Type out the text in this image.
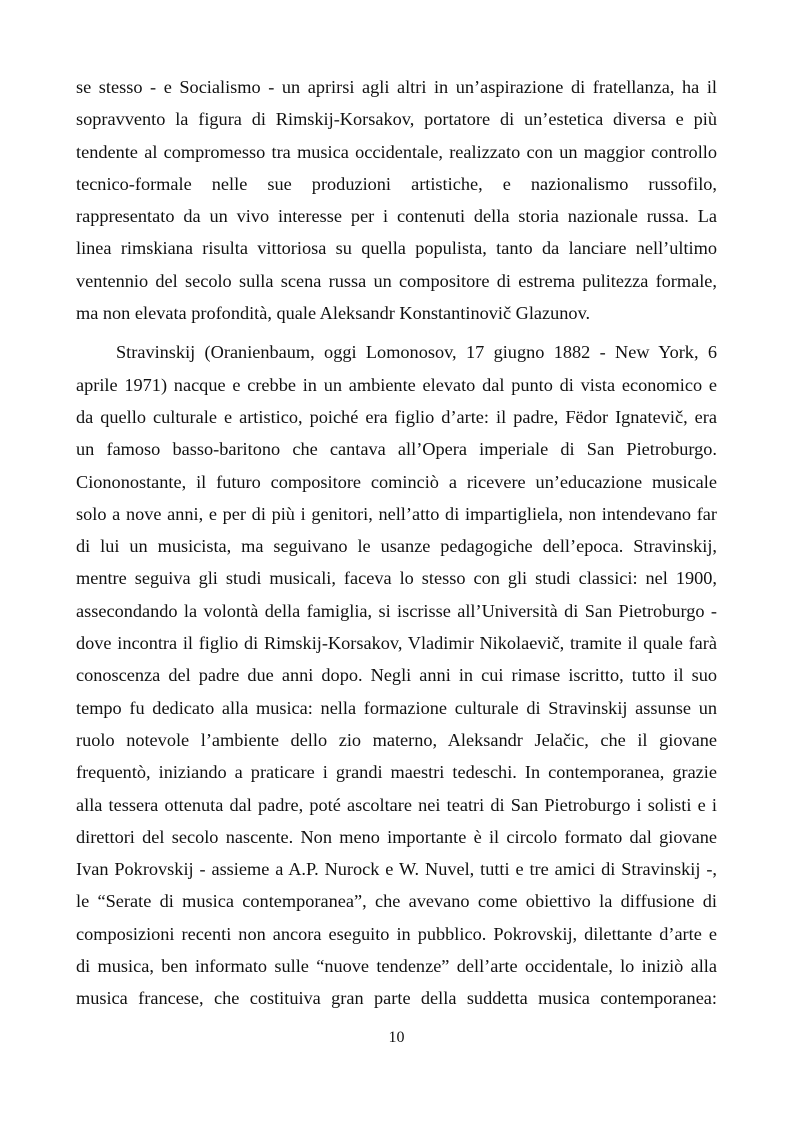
se stesso - e Socialismo - un aprirsi agli altri in un’aspirazione di fratellanza, ha il
sopravvento la figura di Rimskij-Korsakov, portatore di un’estetica diversa e più
tendente al compromesso tra musica occidentale, realizzato con un maggior controllo
tecnico-formale nelle sue produzioni artistiche, e nazionalismo russofilo,
rappresentato da un vivo interesse per i contenuti della storia nazionale russa. La
linea rimskiana risulta vittoriosa su quella populista, tanto da lanciare nell’ultimo
ventennio del secolo sulla scena russa un compositore di estrema pulitezza formale,
ma non elevata profondità, quale Aleksandr Konstantinovič Glazunov.
Stravinskij (Oranienbaum, oggi Lomonosov, 17 giugno 1882 - New York, 6
aprile 1971) nacque e crebbe in un ambiente elevato dal punto di vista economico e
da quello culturale e artistico, poiché era figlio d’arte: il padre, Fëdor Ignatevič, era
un famoso basso-baritono che cantava all’Opera imperiale di San Pietroburgo.
Ciononostante, il futuro compositore cominciò a ricevere un’educazione musicale
solo a nove anni, e per di più i genitori, nell’atto di impartigliela, non intendevano far
di lui un musicista, ma seguivano le usanze pedagogiche dell’epoca. Stravinskij,
mentre seguiva gli studi musicali, faceva lo stesso con gli studi classici: nel 1900,
assecondando la volontà della famiglia, si iscrisse all’Università di San Pietroburgo -
dove incontra il figlio di Rimskij-Korsakov, Vladimir Nikolaevič, tramite il quale farà
conoscenza del padre due anni dopo. Negli anni in cui rimase iscritto, tutto il suo
tempo fu dedicato alla musica: nella formazione culturale di Stravinskij assunse un
ruolo notevole l’ambiente dello zio materno, Aleksandr Jelačic, che il giovane
frequentò, iniziando a praticare i grandi maestri tedeschi. In contemporanea, grazie
alla tessera ottenuta dal padre, poté ascoltare nei teatri di San Pietroburgo i solisti e i
direttori del secolo nascente. Non meno importante è il circolo formato dal giovane
Ivan Pokrovskij - assieme a A.P. Nurock e W. Nuvel, tutti e tre amici di Stravinskij -,
le “Serate di musica contemporanea”, che avevano come obiettivo la diffusione di
composizioni recenti non ancora eseguito in pubblico. Pokrovskij, dilettante d’arte e
di musica, ben informato sulle “nuove tendenze” dell’arte occidentale, lo iniziò alla
musica francese, che costituiva gran parte della suddetta musica contemporanea:
10
